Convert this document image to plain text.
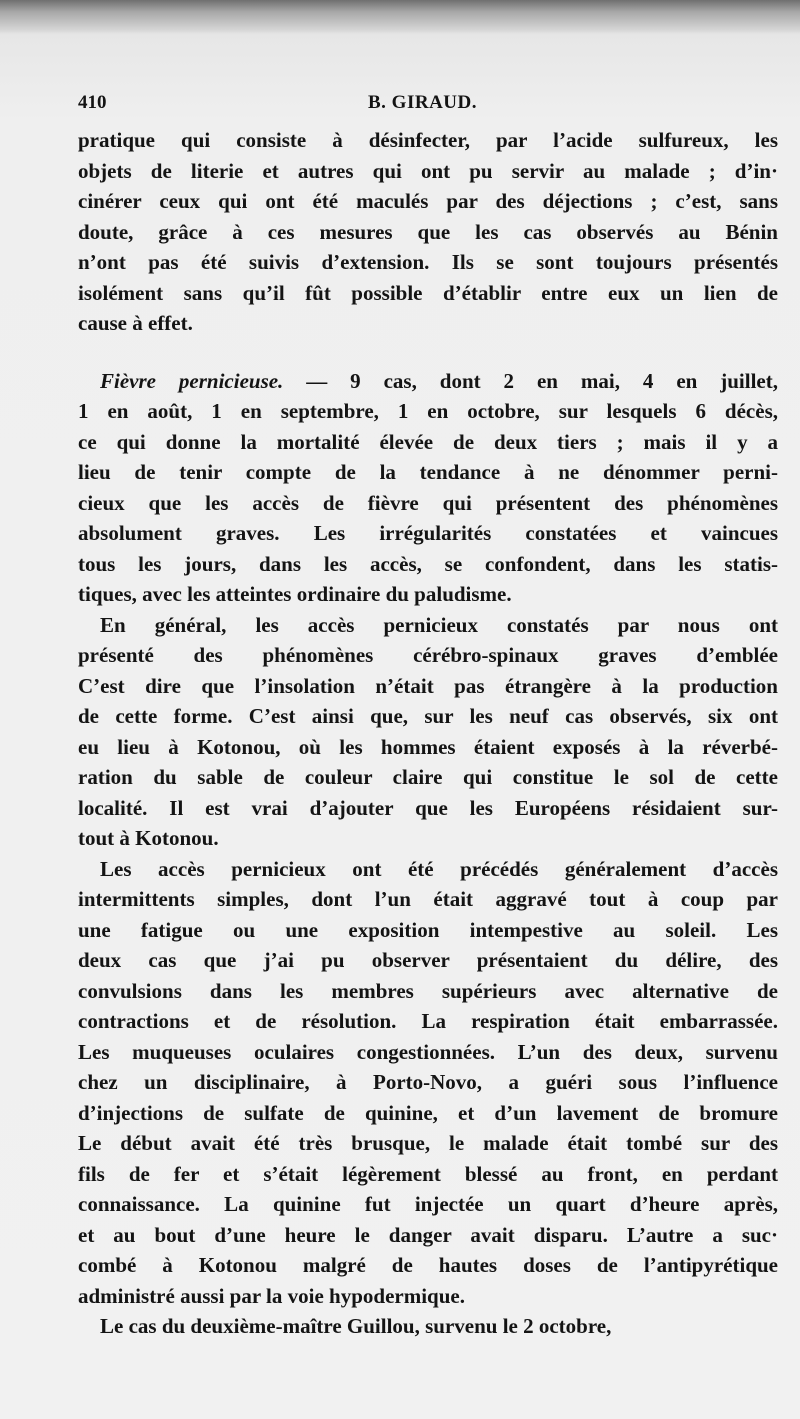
410	B. GIRAUD.
pratique qui consiste à désinfecter, par l’acide sulfureux, les
objets de literie et autres qui ont pu servir au malade ; d’in·
cinérer ceux qui ont été maculés par des déjections ; c’est, sans
doute, grâce à ces mesures que les cas observés au Bénin
n’ont pas été suivis d’extension. Ils se sont toujours présentés
isolément sans qu’il fût possible d’établir entre eux un lien de
cause à effet.
Fièvre pernicieuse. — 9 cas, dont 2 en mai, 4 en juillet,
1 en août, 1 en septembre, 1 en octobre, sur lesquels 6 décès,
ce qui donne la mortalité élevée de deux tiers ; mais il y a
lieu de tenir compte de la tendance à ne dénommer perni-
cieux que les accès de fièvre qui présentent des phénomènes
absolument graves. Les irrégularités constatées et vaincues
tous les jours, dans les accès, se confondent, dans les statis-
tiques, avec les atteintes ordinaire du paludisme.
En général, les accès pernicieux constatés par nous ont
présenté des phénomènes cérébro-spinaux graves d’emblée
C’est dire que l’insolation n’était pas étrangère à la production
de cette forme. C’est ainsi que, sur les neuf cas observés, six ont
eu lieu à Kotonou, où les hommes étaient exposés à la réverbé-
ration du sable de couleur claire qui constitue le sol de cette
localité. Il est vrai d’ajouter que les Européens résidaient sur-
tout à Kotonou.
Les accès pernicieux ont été précédés généralement d’accès
intermittents simples, dont l’un était aggravé tout à coup par
une fatigue ou une exposition intempestive au soleil. Les
deux cas que j’ai pu observer présentaient du délire, des
convulsions dans les membres supérieurs avec alternative de
contractions et de résolution. La respiration était embarrassée.
Les muqueuses oculaires congestionnées. L’un des deux, survenu
chez un disciplinaire, à Porto-Novo, a guéri sous l’influence
d’injections de sulfate de quinine, et d’un lavement de bromure
Le début avait été très brusque, le malade était tombé sur des
fils de fer et s’était légèrement blessé au front, en perdant
connaissance. La quinine fut injectée un quart d’heure après,
et au bout d’une heure le danger avait disparu. L’autre a suc·
combé à Kotonou malgré de hautes doses de l’antipyrétique
administré aussi par la voie hypodermique.
Le cas du deuxième-maître Guillou, survenu le 2 octobre,
